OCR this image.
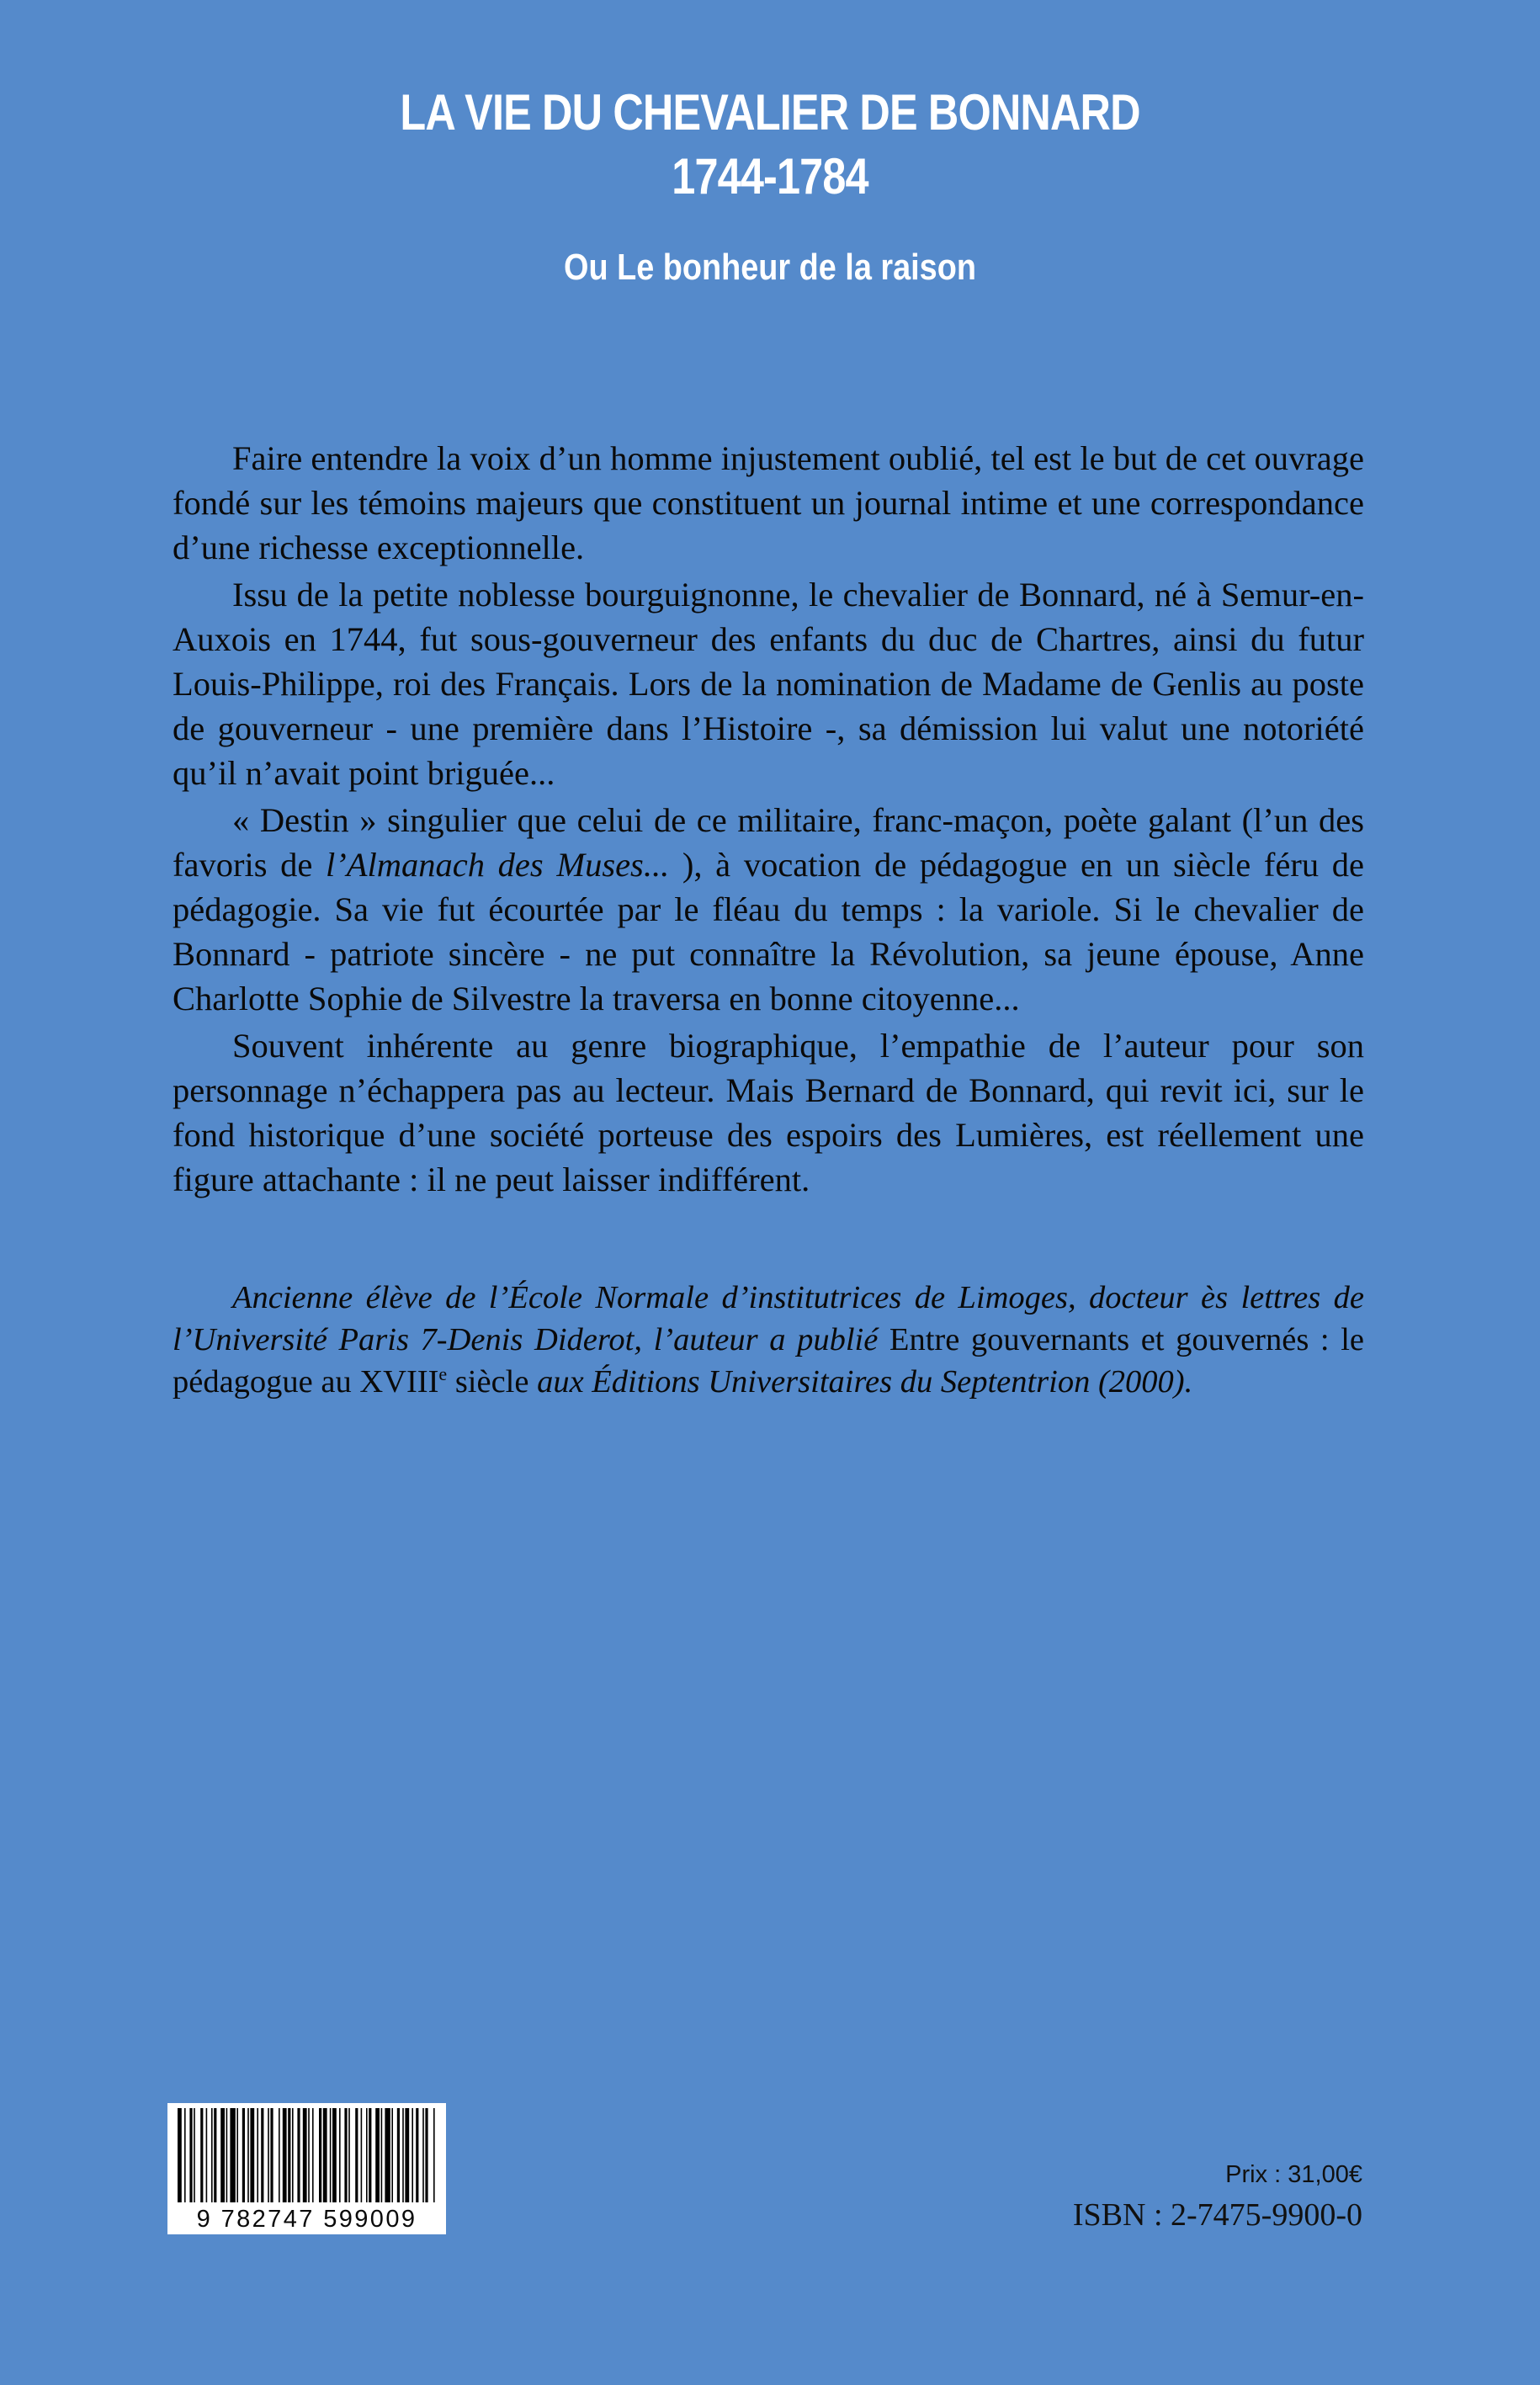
LA VIE DU CHEVALIER DE BONNARD
1744-1784
Ou Le bonheur de la raison

Faire entendre la voix d’un homme injustement oublié, tel est le but de cet ouvrage fondé sur les témoins majeurs que constituent un journal intime et une correspondance d’une richesse exceptionnelle.

Issu de la petite noblesse bourguignonne, le chevalier de Bonnard, né à Semur-en-Auxois en 1744, fut sous-gouverneur des enfants du duc de Chartres, ainsi du futur Louis-Philippe, roi des Français. Lors de la nomination de Madame de Genlis au poste de gouverneur - une première dans l’Histoire -, sa démission lui valut une notoriété qu’il n’avait point briguée...

« Destin » singulier que celui de ce militaire, franc-maçon, poète galant (l’un des favoris de l’Almanach des Muses... ), à vocation de pédagogue en un siècle féru de pédagogie. Sa vie fut écourtée par le fléau du temps : la variole. Si le chevalier de Bonnard - patriote sincère - ne put connaître la Révolution, sa jeune épouse, Anne Charlotte Sophie de Silvestre la traversa en bonne citoyenne...

Souvent inhérente au genre biographique, l’empathie de l’auteur pour son personnage n’échappera pas au lecteur. Mais Bernard de Bonnard, qui revit ici, sur le fond historique d’une société porteuse des espoirs des Lumières, est réellement une figure attachante : il ne peut laisser indifférent.

Ancienne élève de l’École Normale d’institutrices de Limoges, docteur ès lettres de l’Université Paris 7-Denis Diderot, l’auteur a publié Entre gouvernants et gouvernés : le pédagogue au XVIIIe siècle aux Éditions Universitaires du Septentrion (2000).

9 782747 599009
Prix : 31,00€
ISBN : 2-7475-9900-0
